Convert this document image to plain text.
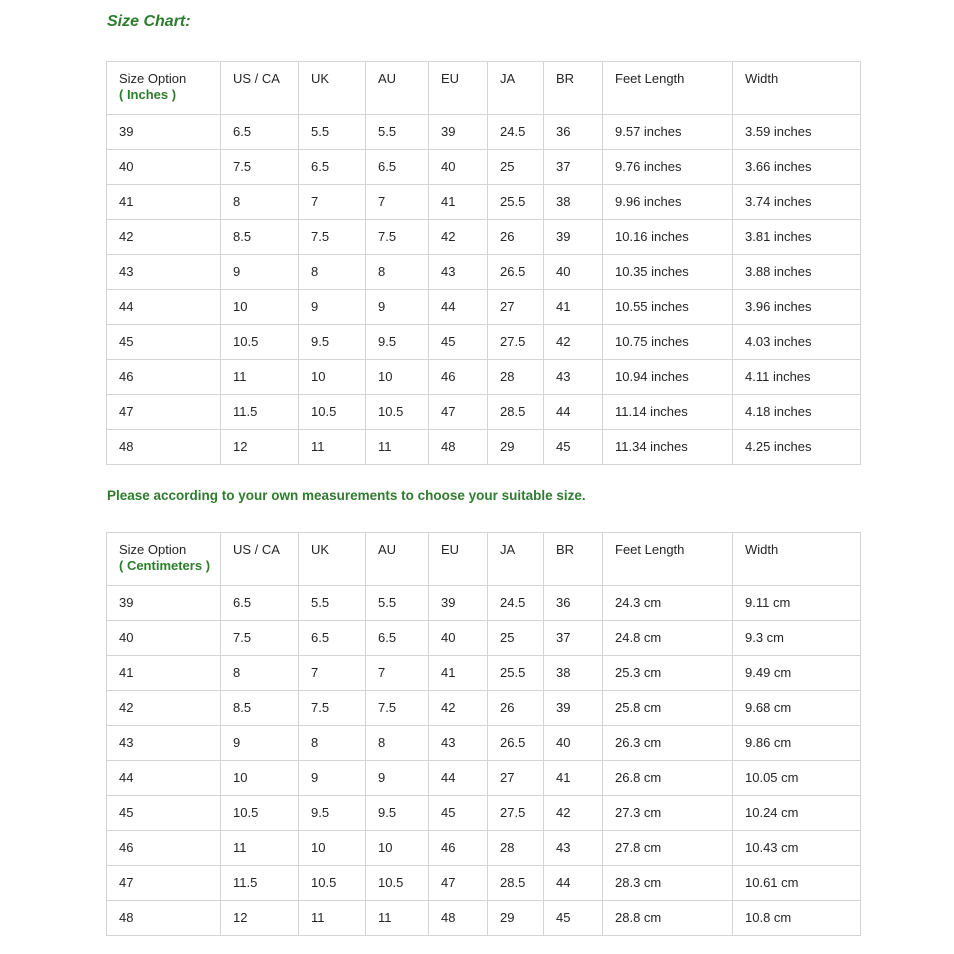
Size Chart:
Size Option
( Inches )	US / CA	UK	AU	EU	JA	BR	Feet Length	Width
39	6.5	5.5	5.5	39	24.5	36	9.57 inches	3.59 inches
40	7.5	6.5	6.5	40	25	37	9.76 inches	3.66 inches
41	8	7	7	41	25.5	38	9.96 inches	3.74 inches
42	8.5	7.5	7.5	42	26	39	10.16 inches	3.81 inches
43	9	8	8	43	26.5	40	10.35 inches	3.88 inches
44	10	9	9	44	27	41	10.55 inches	3.96 inches
45	10.5	9.5	9.5	45	27.5	42	10.75 inches	4.03 inches
46	11	10	10	46	28	43	10.94 inches	4.11 inches
47	11.5	10.5	10.5	47	28.5	44	11.14 inches	4.18 inches
48	12	11	11	48	29	45	11.34 inches	4.25 inches

Please according to your own measurements to choose your suitable size.

Size Option
( Centimeters )	US / CA	UK	AU	EU	JA	BR	Feet Length	Width
39	6.5	5.5	5.5	39	24.5	36	24.3 cm	9.11 cm
40	7.5	6.5	6.5	40	25	37	24.8 cm	9.3 cm
41	8	7	7	41	25.5	38	25.3 cm	9.49 cm
42	8.5	7.5	7.5	42	26	39	25.8 cm	9.68 cm
43	9	8	8	43	26.5	40	26.3 cm	9.86 cm
44	10	9	9	44	27	41	26.8 cm	10.05 cm
45	10.5	9.5	9.5	45	27.5	42	27.3 cm	10.24 cm
46	11	10	10	46	28	43	27.8 cm	10.43 cm
47	11.5	10.5	10.5	47	28.5	44	28.3 cm	10.61 cm
48	12	11	11	48	29	45	28.8 cm	10.8 cm
